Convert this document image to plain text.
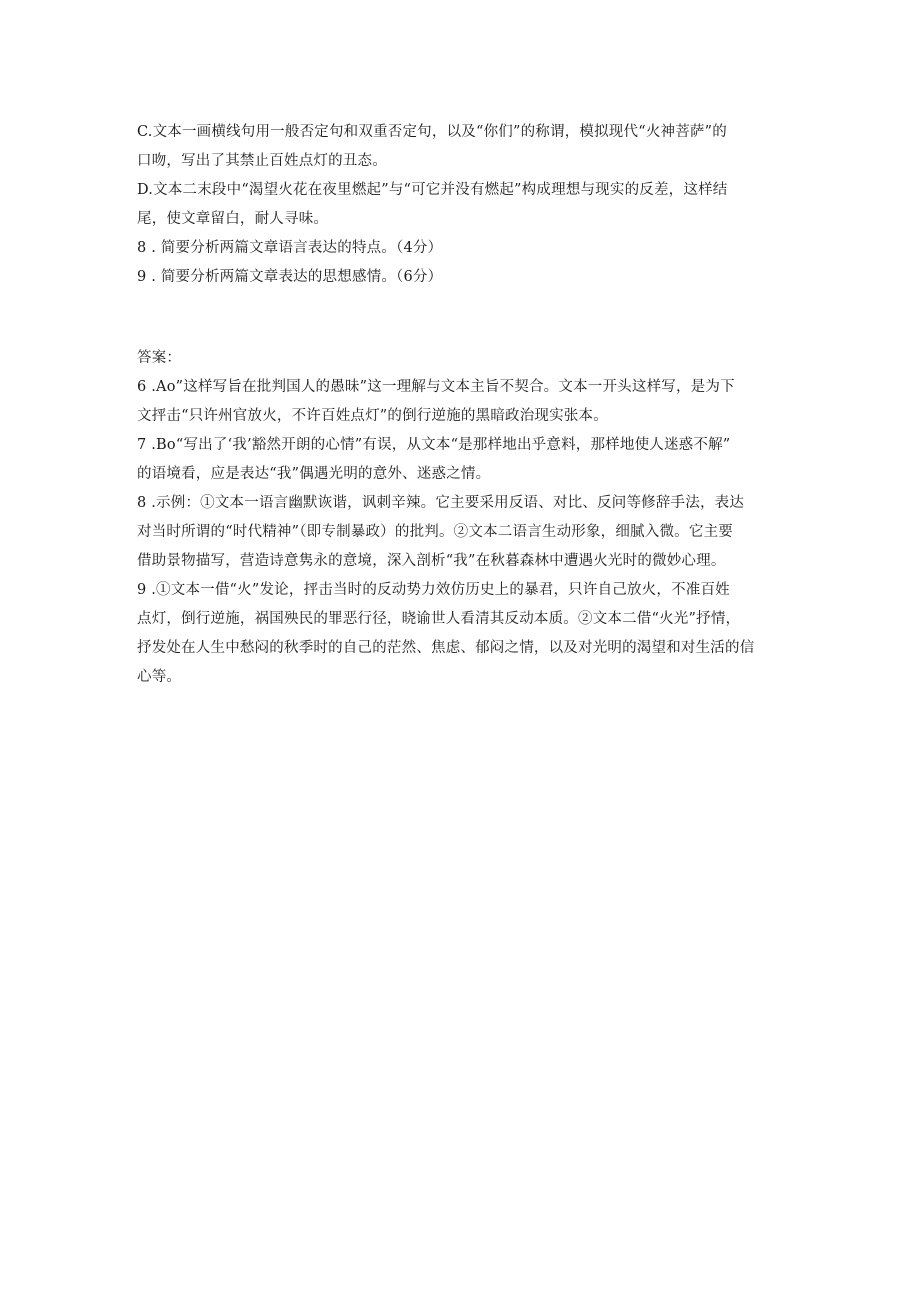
C.文本一画横线句用一般否定句和双重否定句，以及“你们”的称谓，模拟现代“火神菩萨”的
口吻，写出了其禁止百姓点灯的丑态。
D.文本二末段中“渴望火花在夜里燃起”与“可它并没有燃起”构成理想与现实的反差，这样结
尾，使文章留白，耐人寻味。
8 . 简要分析两篇文章语言表达的特点。（4分）
9 . 简要分析两篇文章表达的思想感情。（6分）
答案：
6 .Ao”这样写旨在批判国人的愚昧”这一理解与文本主旨不契合。文本一开头这样写，是为下
文抨击“只许州官放火，不许百姓点灯”的倒行逆施的黑暗政治现实张本。
7 .Bo“写出了‘我’豁然开朗的心情”有误，从文本“是那样地出乎意料，那样地使人迷惑不解”
的语境看，应是表达“我”偶遇光明的意外、迷惑之情。
8 .示例：①文本一语言幽默诙谐，讽刺辛辣。它主要采用反语、对比、反问等修辞手法，表达
对当时所谓的“时代精神”（即专制暴政）的批判。②文本二语言生动形象，细腻入微。它主要
借助景物描写，营造诗意隽永的意境，深入剖析“我”在秋暮森林中遭遇火光时的微妙心理。
9 .①文本一借“火”发论，抨击当时的反动势力效仿历史上的暴君，只许自己放火，不准百姓
点灯，倒行逆施，祸国殃民的罪恶行径，晓谕世人看清其反动本质。②文本二借“火光”抒情，
抒发处在人生中愁闷的秋季时的自己的茫然、焦虑、郁闷之情，以及对光明的渴望和对生活的信
心等。
